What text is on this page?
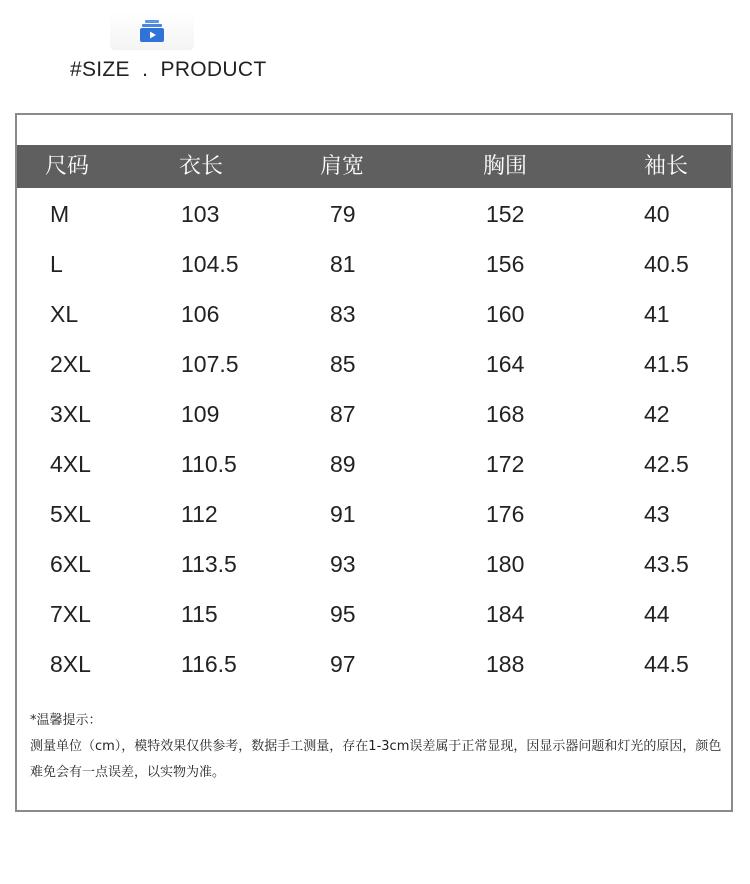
#SIZE  .  PRODUCT
尺码	衣长	肩宽	胸围	袖长
M	103	79	152	40
L	104.5	81	156	40.5
XL	106	83	160	41
2XL	107.5	85	164	41.5
3XL	109	87	168	42
4XL	110.5	89	172	42.5
5XL	112	91	176	43
6XL	113.5	93	180	43.5
7XL	115	95	184	44
8XL	116.5	97	188	44.5
*温馨提示：
测量单位（cm），模特效果仅供参考，数据手工测量，存在1-3cm误差属于正常显现，因显示器问题和灯光的原因，颜色难免会有一点误差，以实物为准。
